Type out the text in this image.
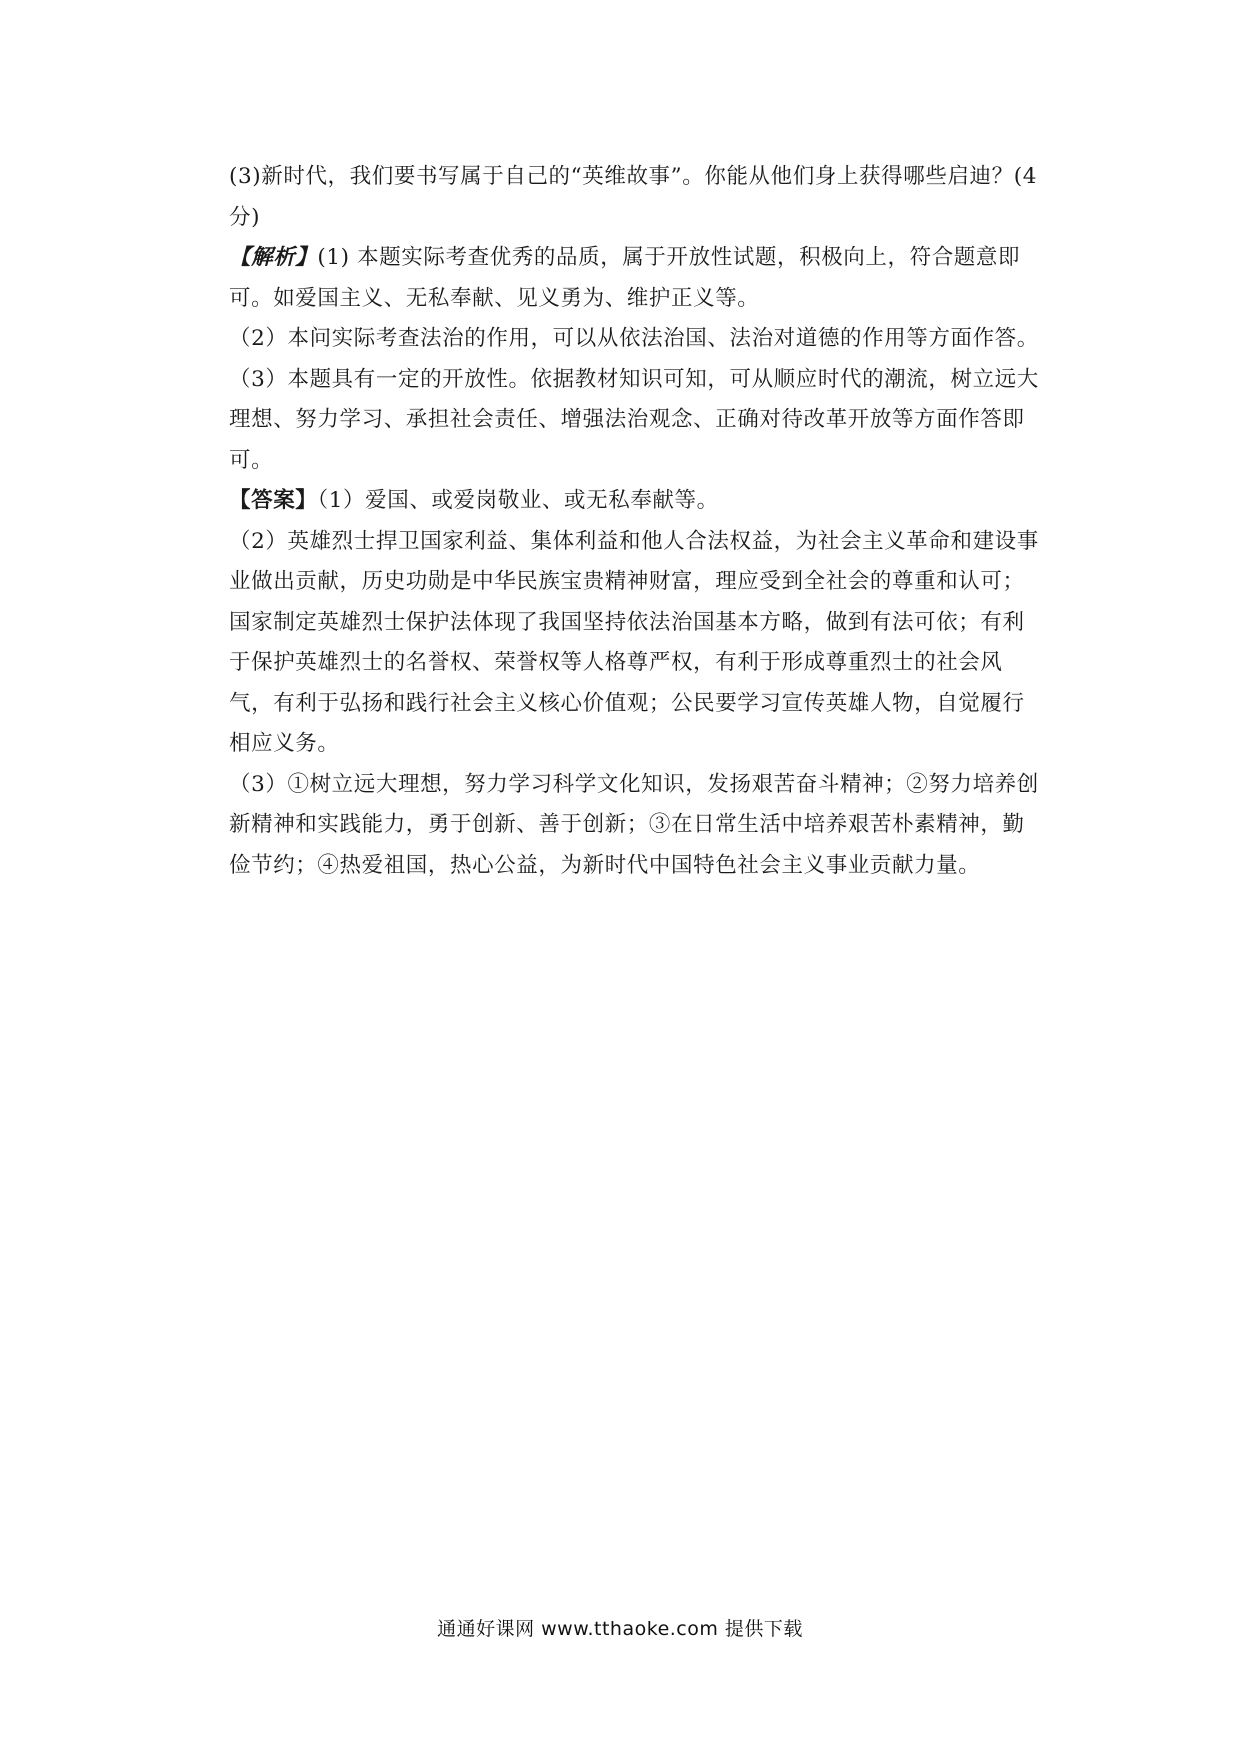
(3)新时代，我们要书写属于自己的“英维故事”。你能从他们身上获得哪些启迪？(4分)

【解析】(1) 本题实际考查优秀的品质，属于开放性试题，积极向上，符合题意即可。如爱国主义、无私奉献、见义勇为、维护正义等。

（2）本问实际考查法治的作用，可以从依法治国、法治对道德的作用等方面作答。

（3）本题具有一定的开放性。依据教材知识可知，可从顺应时代的潮流，树立远大理想、努力学习、承担社会责任、增强法治观念、正确对待改革开放等方面作答即可。

【答案】（1）爱国、或爱岗敬业、或无私奉献等。

（2）英雄烈士捍卫国家利益、集体利益和他人合法权益，为社会主义革命和建设事业做出贡献，历史功勋是中华民族宝贵精神财富，理应受到全社会的尊重和认可；国家制定英雄烈士保护法体现了我国坚持依法治国基本方略，做到有法可依；有利于保护英雄烈士的名誉权、荣誉权等人格尊严权，有利于形成尊重烈士的社会风气，有利于弘扬和践行社会主义核心价值观；公民要学习宣传英雄人物，自觉履行相应义务。

（3）①树立远大理想，努力学习科学文化知识，发扬艰苦奋斗精神；②努力培养创新精神和实践能力，勇于创新、善于创新；③在日常生活中培养艰苦朴素精神，勤俭节约；④热爱祖国，热心公益，为新时代中国特色社会主义事业贡献力量。

通通好课网 www.tthaoke.com 提供下载
